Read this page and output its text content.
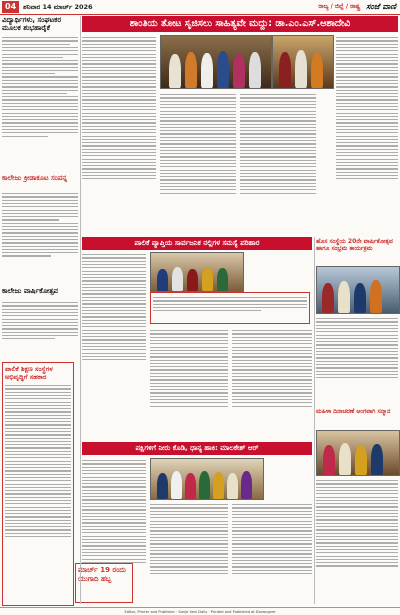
04	ಶನಿವಾರ 14 ಮಾರ್ಚ್ 2026	ರಾಜ್ಯ / ಜಿಲ್ಲೆ / ರಾಷ್ಟ್ರ ಸಂಜೆ ವಾಣಿ
ಶಾಂತಿಯ ತೋಟ ಸೃಜಿಸಲು ಸಾಹಿತ್ಯವೇ ಮದ್ದು: ಡಾ.ಎಂ.ಎಸ್.ಆಶಾದೇವಿ
ವಿದ್ಯಾರ್ಥಿಗಳು, ಸಂಘಟಕರ ಮೂಲಕ ಶುಭಹಾರೈಕೆ
ಕಾಲೇಜು ಕ್ರೀಡಾಕೂಟ ಸಂಪನ್ನ
ಕಾಲೇಜು ವಾರ್ಷಿಕೋತ್ಸವ
ಪಾಲಿಕೆ ಶಿಕ್ಷಣ ಸಂಸ್ಥೆಗಳ ಅಭಿವೃದ್ಧಿಗೆ ಸಹಕಾರ
ಮಾರ್ಚ್ 19 ರಂದು ಯುಗಾದಿ ಹಬ್ಬ
ಪಾಲಿಕೆ ವ್ಯಾಪ್ತಿಯ ಸಾರ್ವಜನಿಕ ನಲ್ಲಿಗಳ ಸಮಸ್ಯೆ ಪರಿಹಾರ	ಹೊಸ ಸಂಸ್ಥೆಯ 20ನೇ ವಾರ್ಷಿಕೋತ್ಸವ ಹಾಗೂ ಸಂಭ್ರಮ ಕಾರ್ಯಕ್ರಮ
ಪಕ್ಷಿಗಳಿಗೆ ನೀರು ಕೊಡಿ, ಧಾನ್ಯ ಹಾಕಿ: ಮಾಲಕೇಶ್ ಆರ್
ಮಹಿಳಾ ದಿನಾಚರಣೆ ಅಂಗವಾಗಿ ಸನ್ಮಾನ
Editor, Printer and Publisher · Sanje Vani Daily · Printed and Published at Davangere
